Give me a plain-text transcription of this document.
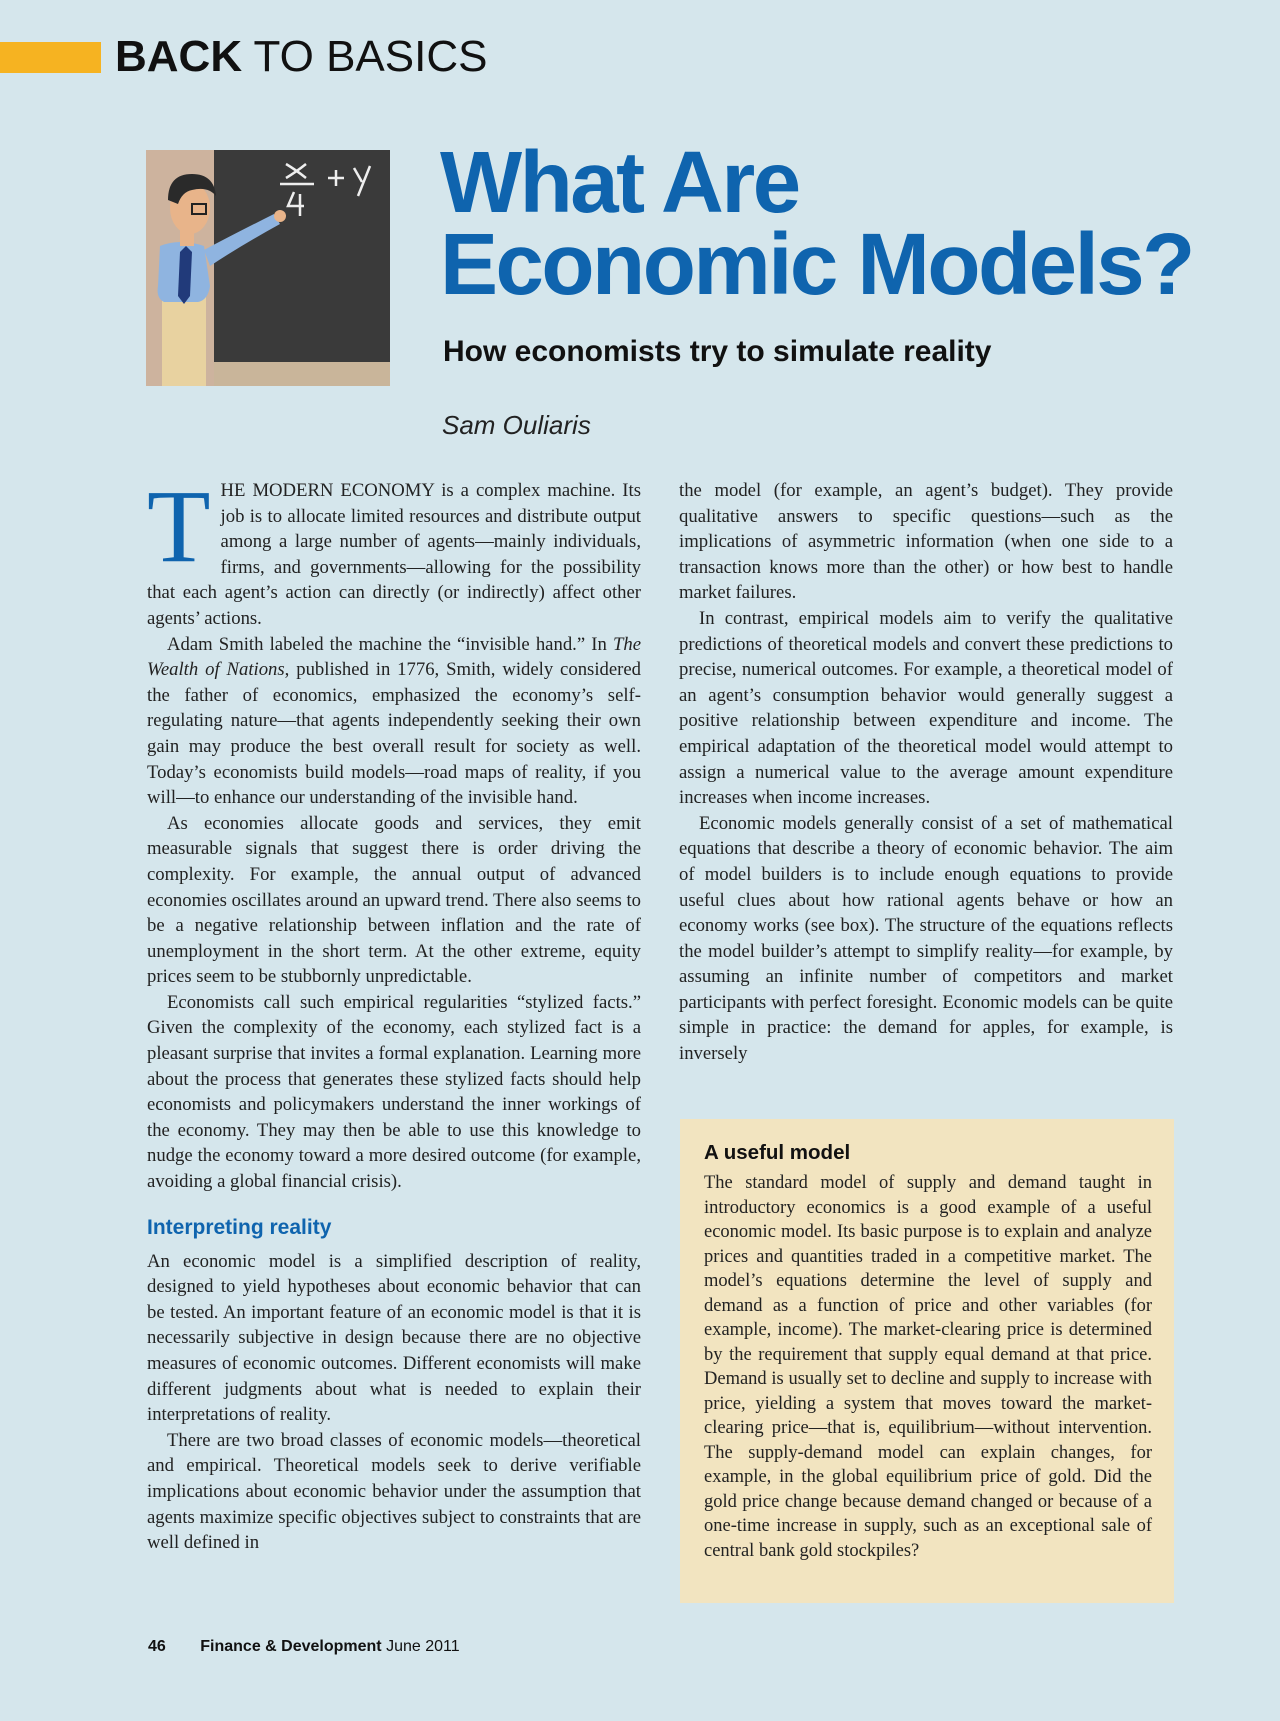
BACK TO BASICS
What Are
Economic Models?
How economists try to simulate reality
Sam Ouliaris

THE MODERN ECONOMY is a complex machine. Its job is to allocate limited resources and distribute output among a large number of agents—mainly individuals, firms, and governments—allowing for the possibility that each agent’s action can directly (or indirectly) affect other agents’ actions.

Adam Smith labeled the machine the “invisible hand.” In The Wealth of Nations, published in 1776, Smith, widely considered the father of economics, emphasized the economy’s self-regulating nature—that agents independently seeking their own gain may produce the best overall result for society as well. Today’s economists build models—road maps of reality, if you will—to enhance our understanding of the invisible hand.

As economies allocate goods and services, they emit measurable signals that suggest there is order driving the complexity. For example, the annual output of advanced economies oscillates around an upward trend. There also seems to be a negative relationship between inflation and the rate of unemployment in the short term. At the other extreme, equity prices seem to be stubbornly unpredictable.

Economists call such empirical regularities “stylized facts.” Given the complexity of the economy, each stylized fact is a pleasant surprise that invites a formal explanation. Learning more about the process that generates these stylized facts should help economists and policymakers understand the inner workings of the economy. They may then be able to use this knowledge to nudge the economy toward a more desired outcome (for example, avoiding a global financial crisis).

Interpreting reality

An economic model is a simplified description of reality, designed to yield hypotheses about economic behavior that can be tested. An important feature of an economic model is that it is necessarily subjective in design because there are no objective measures of economic outcomes. Different economists will make different judgments about what is needed to explain their interpretations of reality.

There are two broad classes of economic models—theoretical and empirical. Theoretical models seek to derive verifiable implications about economic behavior under the assumption that agents maximize specific objectives subject to constraints that are well defined in

the model (for example, an agent’s budget). They provide qualitative answers to specific questions—such as the implications of asymmetric information (when one side to a transaction knows more than the other) or how best to handle market failures.

In contrast, empirical models aim to verify the qualitative predictions of theoretical models and convert these predictions to precise, numerical outcomes. For example, a theoretical model of an agent’s consumption behavior would generally suggest a positive relationship between expenditure and income. The empirical adaptation of the theoretical model would attempt to assign a numerical value to the average amount expenditure increases when income increases.

Economic models generally consist of a set of mathematical equations that describe a theory of economic behavior. The aim of model builders is to include enough equations to provide useful clues about how rational agents behave or how an economy works (see box). The structure of the equations reflects the model builder’s attempt to simplify reality—for example, by assuming an infinite number of competitors and market participants with perfect foresight. Economic models can be quite simple in practice: the demand for apples, for example, is inversely

A useful model

The standard model of supply and demand taught in introductory economics is a good example of a useful economic model. Its basic purpose is to explain and analyze prices and quantities traded in a competitive market. The model’s equations determine the level of supply and demand as a function of price and other variables (for example, income). The market-clearing price is determined by the requirement that supply equal demand at that price. Demand is usually set to decline and supply to increase with price, yielding a system that moves toward the market-clearing price—that is, equilibrium—without intervention. The supply-demand model can explain changes, for example, in the global equilibrium price of gold. Did the gold price change because demand changed or because of a one-time increase in supply, such as an exceptional sale of central bank gold stockpiles?

46 Finance & Development June 2011
